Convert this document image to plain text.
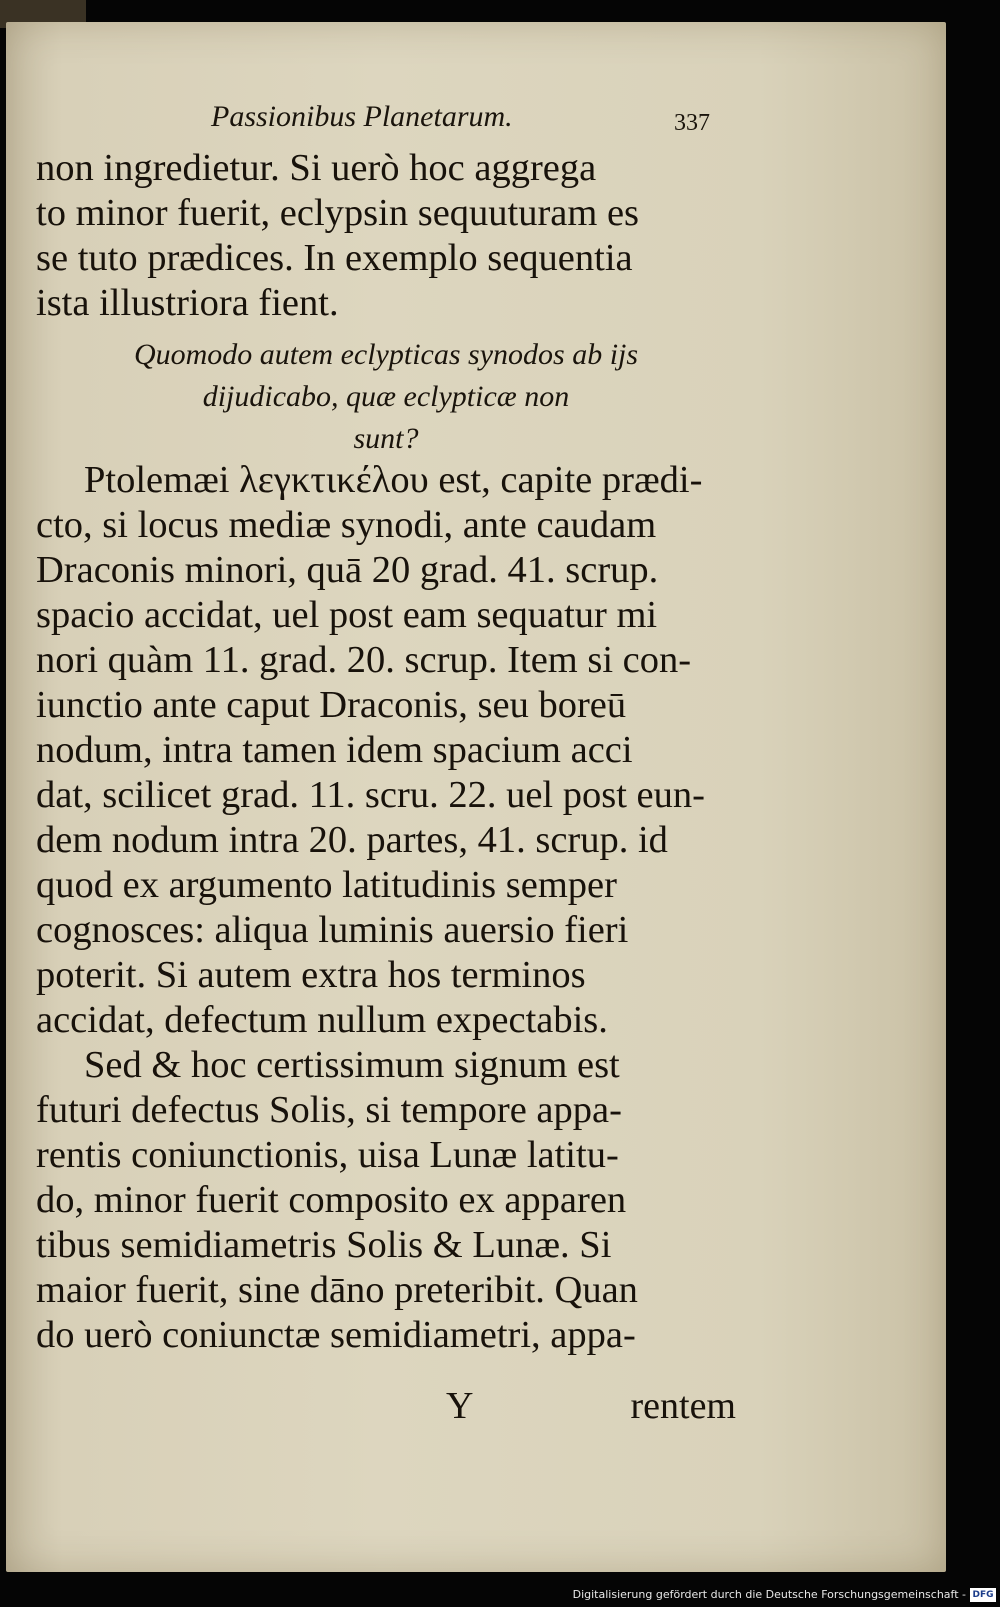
Passionibus Planetarum.	337
non ingredietur. Si uerò hoc aggrega
to minor fuerit, eclypsin sequuturam es
se tuto prædices. In exemplo sequentia
ista illustriora fient.
Quomodo autem eclypticas synodos ab ijs
dijudicabo, quæ eclypticæ non
sunt?
Ptolemæi λεγκτικέλου est, capite prædi-
cto, si locus mediæ synodi, ante caudam
Draconis minori, quā 20 grad. 41. scrup.
spacio accidat, uel post eam sequatur mi
nori quàm 11. grad. 20. scrup. Item si con-
iunctio ante caput Draconis, seu boreū
nodum, intra tamen idem spacium acci
dat, scilicet grad. 11. scru. 22. uel post eun-
dem nodum intra 20. partes, 41. scrup. id
quod ex argumento latitudinis semper
cognosces: aliqua luminis auersio fieri
poterit. Si autem extra hos terminos
accidat, defectum nullum expectabis.
Sed & hoc certissimum signum est
futuri defectus Solis, si tempore appa-
rentis coniunctionis, uisa Lunæ latitu-
do, minor fuerit composito ex apparen
tibus semidiametris Solis & Lunæ. Si
maior fuerit, sine dāno preteribit. Quan
do uerò coniunctæ semidiametri, appa-
Y	rentem
Digitalisierung gefördert durch die Deutsche Forschungsgemeinschaft - DFG
